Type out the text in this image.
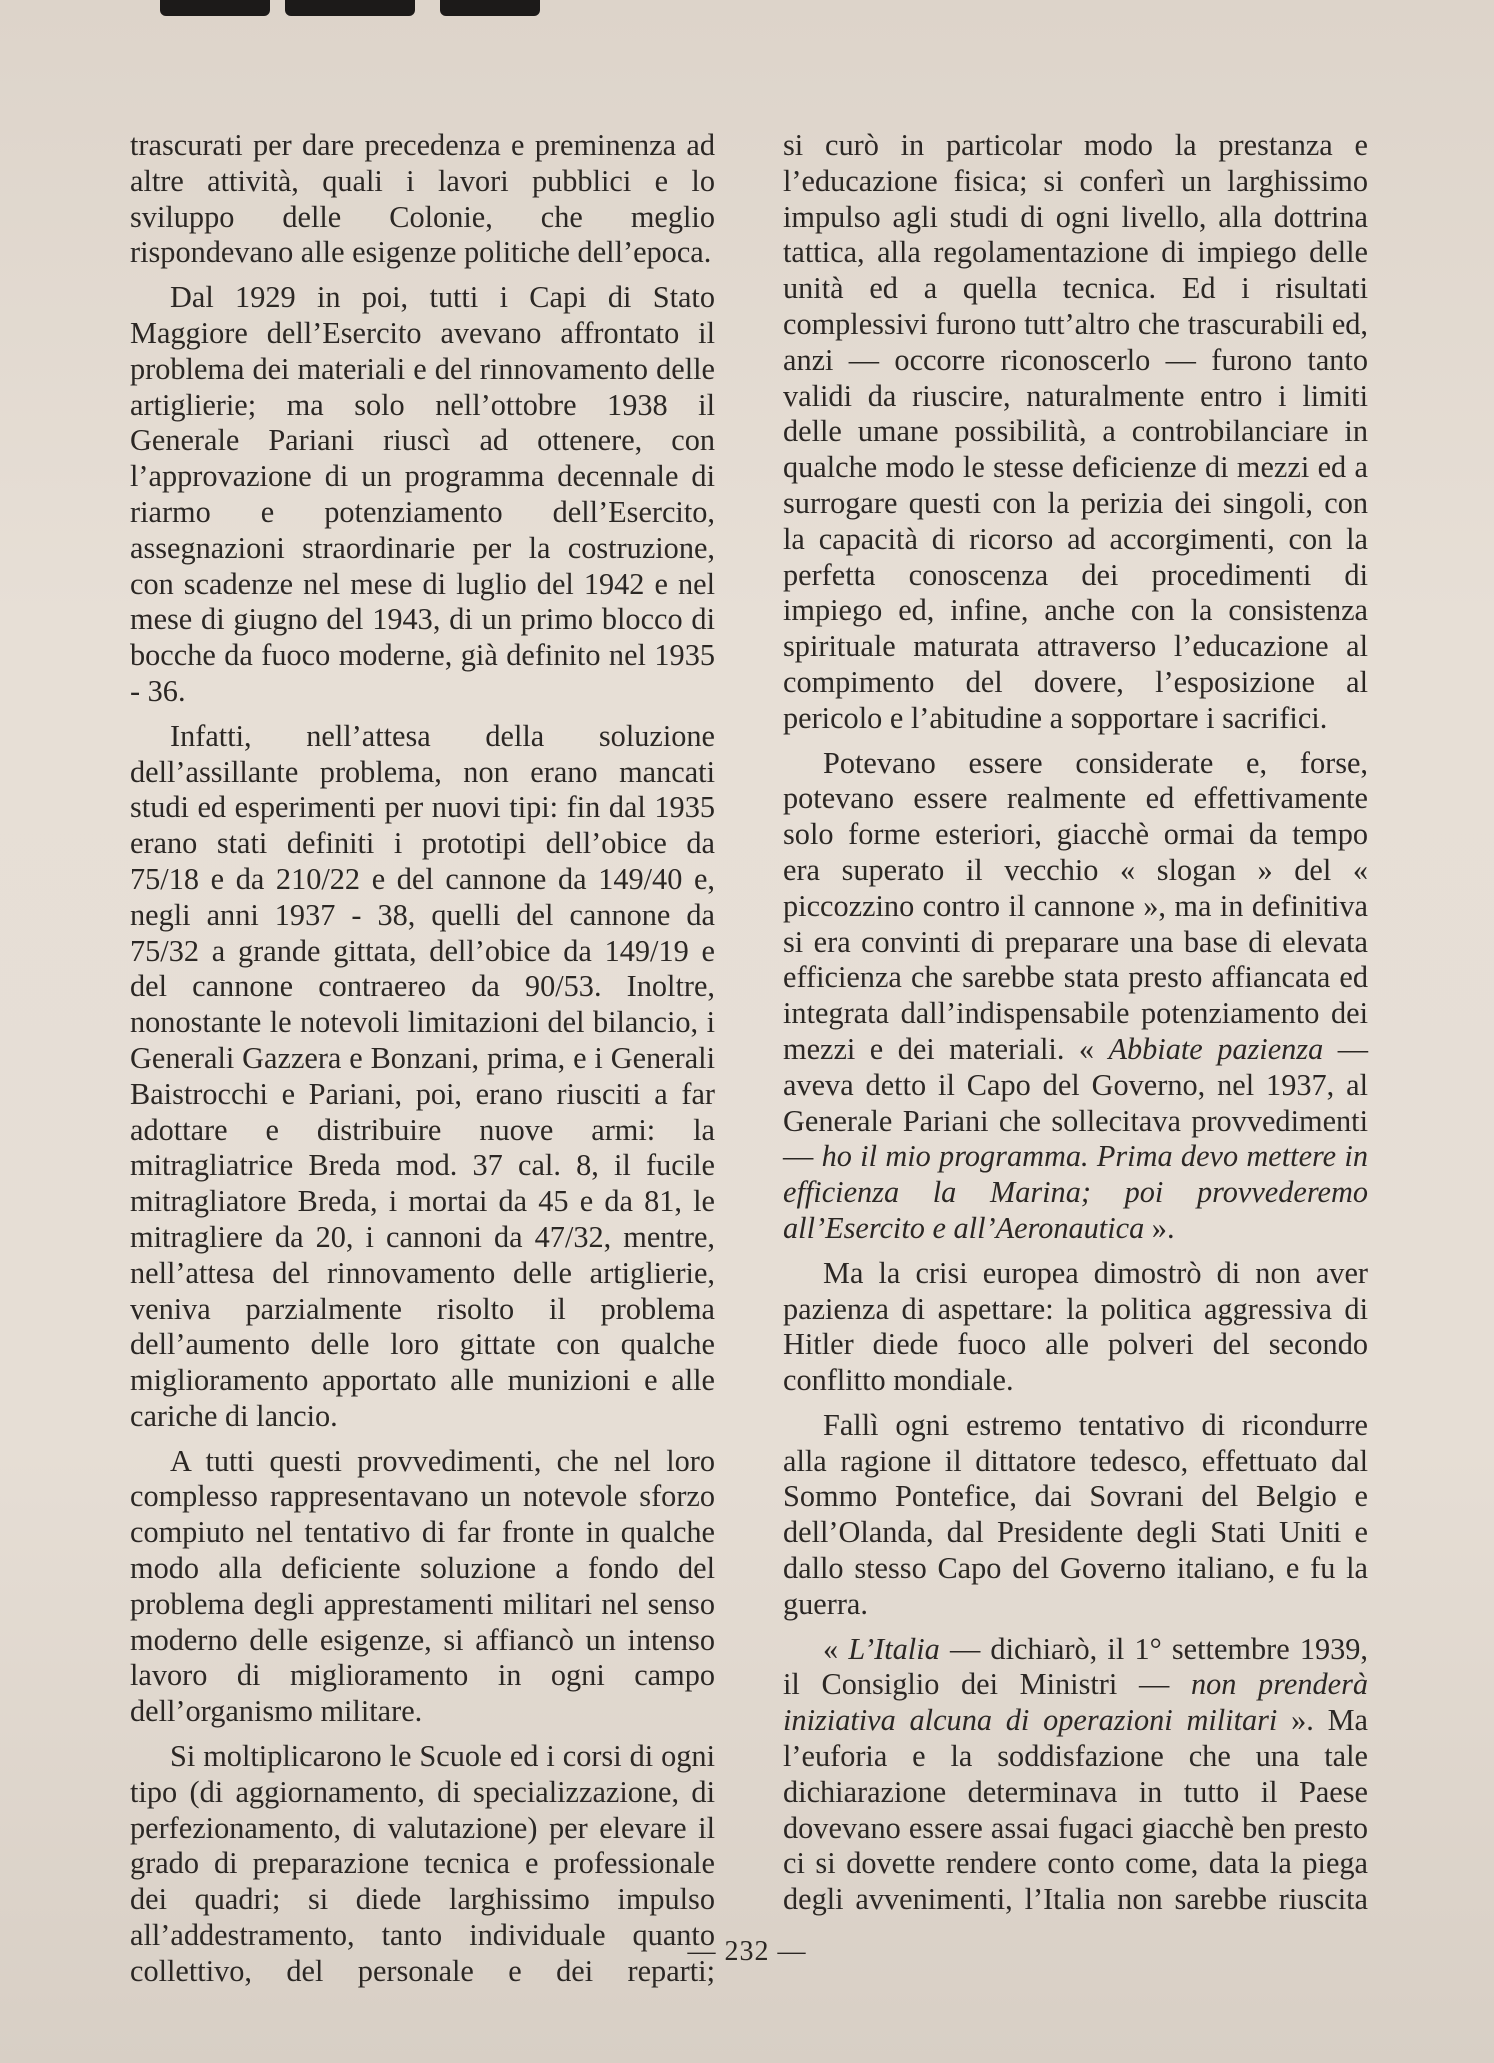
trascurati per dare precedenza e preminenza ad altre attività, quali i lavori pubblici e lo sviluppo delle Colonie, che meglio rispondevano alle esigenze politiche dell’epoca.

Dal 1929 in poi, tutti i Capi di Stato Maggiore dell’Esercito avevano affrontato il problema dei materiali e del rinnovamento delle artiglierie; ma solo nell’ottobre 1938 il Generale Pariani riuscì ad ottenere, con l’approvazione di un programma decennale di riarmo e potenziamento dell’Esercito, assegnazioni straordinarie per la costruzione, con scadenze nel mese di luglio del 1942 e nel mese di giugno del 1943, di un primo blocco di bocche da fuoco moderne, già definito nel 1935 - 36.

Infatti, nell’attesa della soluzione dell’assillante problema, non erano mancati studi ed esperimenti per nuovi tipi: fin dal 1935 erano stati definiti i prototipi dell’obice da 75/18 e da 210/22 e del cannone da 149/40 e, negli anni 1937 - 38, quelli del cannone da 75/32 a grande gittata, dell’obice da 149/19 e del cannone contraereo da 90/53. Inoltre, nonostante le notevoli limitazioni del bilancio, i Generali Gazzera e Bonzani, prima, e i Generali Baistrocchi e Pariani, poi, erano riusciti a far adottare e distribuire nuove armi: la mitragliatrice Breda mod. 37 cal. 8, il fucile mitragliatore Breda, i mortai da 45 e da 81, le mitragliere da 20, i cannoni da 47/32, mentre, nell’attesa del rinnovamento delle artiglierie, veniva parzialmente risolto il problema dell’aumento delle loro gittate con qualche miglioramento apportato alle munizioni e alle cariche di lancio.

A tutti questi provvedimenti, che nel loro complesso rappresentavano un notevole sforzo compiuto nel tentativo di far fronte in qualche modo alla deficiente soluzione a fondo del problema degli apprestamenti militari nel senso moderno delle esigenze, si affiancò un intenso lavoro di miglioramento in ogni campo dell’organismo militare.

Si moltiplicarono le Scuole ed i corsi di ogni tipo (di aggiornamento, di specializzazione, di perfezionamento, di valutazione) per elevare il grado di preparazione tecnica e professionale dei quadri; si diede larghissimo impulso all’addestramento, tanto individuale quanto collettivo, del personale e dei reparti;

si curò in particolar modo la prestanza e l’educazione fisica; si conferì un larghissimo impulso agli studi di ogni livello, alla dottrina tattica, alla regolamentazione di impiego delle unità ed a quella tecnica. Ed i risultati complessivi furono tutt’altro che trascurabili ed, anzi — occorre riconoscerlo — furono tanto validi da riuscire, naturalmente entro i limiti delle umane possibilità, a controbilanciare in qualche modo le stesse deficienze di mezzi ed a surrogare questi con la perizia dei singoli, con la capacità di ricorso ad accorgimenti, con la perfetta conoscenza dei procedimenti di impiego ed, infine, anche con la consistenza spirituale maturata attraverso l’educazione al compimento del dovere, l’esposizione al pericolo e l’abitudine a sopportare i sacrifici.

Potevano essere considerate e, forse, potevano essere realmente ed effettivamente solo forme esteriori, giacchè ormai da tempo era superato il vecchio « slogan » del « piccozzino contro il cannone », ma in definitiva si era convinti di preparare una base di elevata efficienza che sarebbe stata presto affiancata ed integrata dall’indispensabile potenziamento dei mezzi e dei materiali. « Abbiate pazienza — aveva detto il Capo del Governo, nel 1937, al Generale Pariani che sollecitava provvedimenti — ho il mio programma. Prima devo mettere in efficienza la Marina; poi provvederemo all’Esercito e all’Aeronautica ».

Ma la crisi europea dimostrò di non aver pazienza di aspettare: la politica aggressiva di Hitler diede fuoco alle polveri del secondo conflitto mondiale.

Fallì ogni estremo tentativo di ricondurre alla ragione il dittatore tedesco, effettuato dal Sommo Pontefice, dai Sovrani del Belgio e dell’Olanda, dal Presidente degli Stati Uniti e dallo stesso Capo del Governo italiano, e fu la guerra.

« L’Italia — dichiarò, il 1° settembre 1939, il Consiglio dei Ministri — non prenderà iniziativa alcuna di operazioni militari ». Ma l’euforia e la soddisfazione che una tale dichiarazione determinava in tutto il Paese dovevano essere assai fugaci giacchè ben presto ci si dovette rendere conto come, data la piega degli avvenimenti, l’Italia non sarebbe riuscita

— 232 —
